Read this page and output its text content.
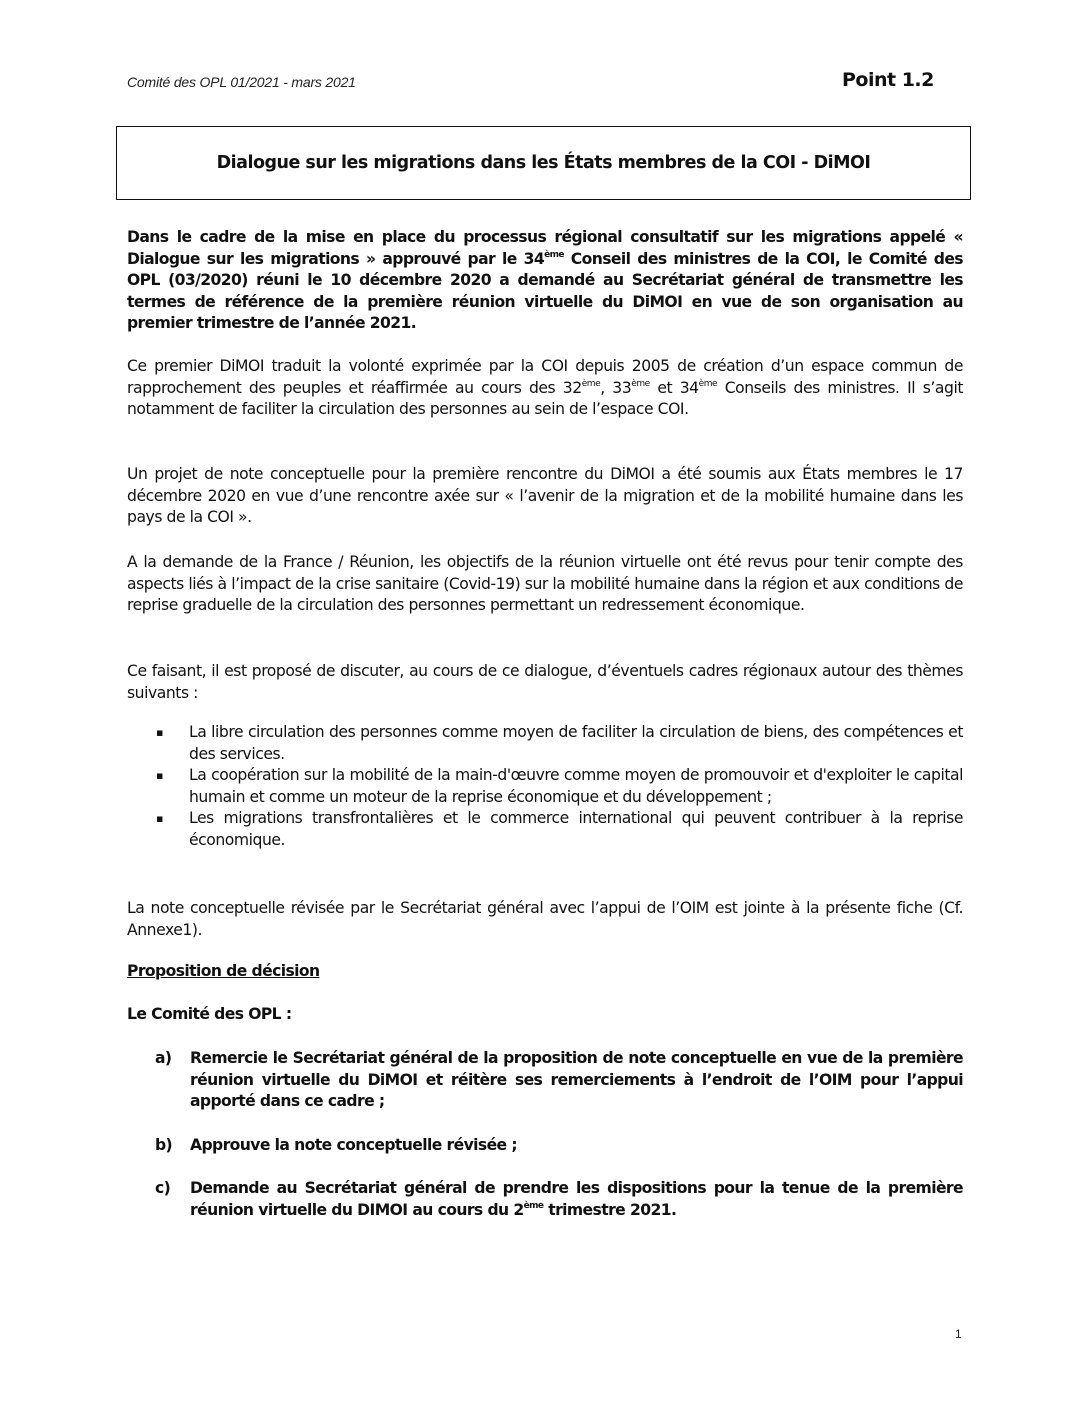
Comité des OPL 01/2021 - mars 2021	Point 1.2
Dialogue sur les migrations dans les États membres de la COI - DiMOI

Dans le cadre de la mise en place du processus régional consultatif sur les migrations appelé « Dialogue sur les migrations » approuvé par le 34ème Conseil des ministres de la COI, le Comité des OPL (03/2020) réuni le 10 décembre 2020 a demandé au Secrétariat général de transmettre les termes de référence de la première réunion virtuelle du DiMOI en vue de son organisation au premier trimestre de l’année 2021.

Ce premier DiMOI traduit la volonté exprimée par la COI depuis 2005 de création d’un espace commun de rapprochement des peuples et réaffirmée au cours des 32ème, 33ème et 34ème Conseils des ministres. Il s’agit notamment de faciliter la circulation des personnes au sein de l’espace COI.

Un projet de note conceptuelle pour la première rencontre du DiMOI a été soumis aux États membres le 17 décembre 2020 en vue d’une rencontre axée sur « l’avenir de la migration et de la mobilité humaine dans les pays de la COI ».

A la demande de la France / Réunion, les objectifs de la réunion virtuelle ont été revus pour tenir compte des aspects liés à l’impact de la crise sanitaire (Covid-19) sur la mobilité humaine dans la région et aux conditions de reprise graduelle de la circulation des personnes permettant un redressement économique.

Ce faisant, il est proposé de discuter, au cours de ce dialogue, d’éventuels cadres régionaux autour des thèmes suivants :

▪ La libre circulation des personnes comme moyen de faciliter la circulation de biens, des compétences et des services.
▪ La coopération sur la mobilité de la main-d'œuvre comme moyen de promouvoir et d'exploiter le capital humain et comme un moteur de la reprise économique et du développement ;
▪ Les migrations transfrontalières et le commerce international qui peuvent contribuer à la reprise économique.

La note conceptuelle révisée par le Secrétariat général avec l’appui de l’OIM est jointe à la présente fiche (Cf. Annexe1).

Proposition de décision
Le Comité des OPL :
a)	Remercie le Secrétariat général de la proposition de note conceptuelle en vue de la première réunion virtuelle du DiMOI et réitère ses remerciements à l’endroit de l’OIM pour l’appui apporté dans ce cadre ;
b)	Approuve la note conceptuelle révisée ;
c)	Demande au Secrétariat général de prendre les dispositions pour la tenue de la première réunion virtuelle du DIMOI au cours du 2ème trimestre 2021.
1
